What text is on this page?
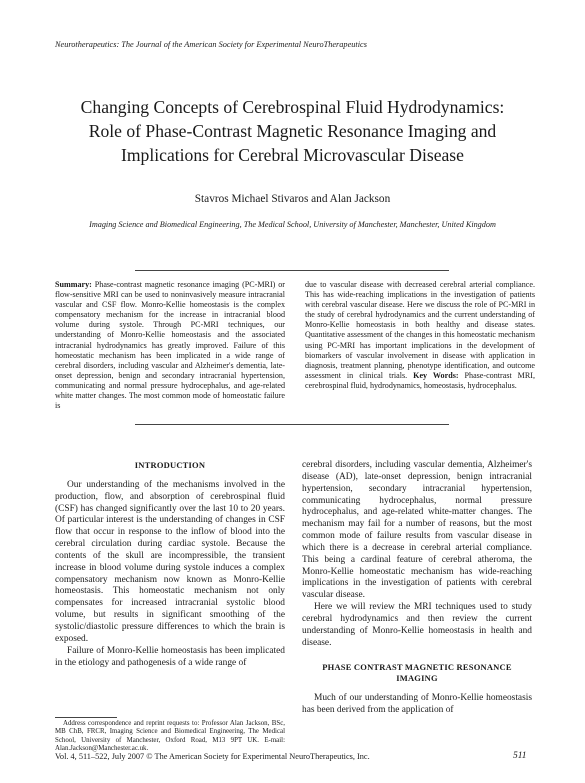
Neurotherapeutics: The Journal of the American Society for Experimental NeuroTherapeutics
Changing Concepts of Cerebrospinal Fluid Hydrodynamics:
Role of Phase-Contrast Magnetic Resonance Imaging and
Implications for Cerebral Microvascular Disease
Stavros Michael Stivaros and Alan Jackson
Imaging Science and Biomedical Engineering, The Medical School, University of Manchester, Manchester, United Kingdom
Summary: Phase-contrast magnetic resonance imaging (PC-MRI) or flow-sensitive MRI can be used to noninvasively measure intracranial vascular and CSF flow. Monro-Kellie homeostasis is the complex compensatory mechanism for the increase in intracranial blood volume during systole. Through PC-MRI techniques, our understanding of Monro-Kellie homeostasis and the associated intracranial hydrodynamics has greatly improved. Failure of this homeostatic mechanism has been implicated in a wide range of cerebral disorders, including vascular and Alzheimer's dementia, late-onset depression, benign and secondary intracranial hypertension, communicating and normal pressure hydrocephalus, and age-related white matter changes. The most common mode of homeostatic failure is
due to vascular disease with decreased cerebral arterial compliance. This has wide-reaching implications in the investigation of patients with cerebral vascular disease. Here we discuss the role of PC-MRI in the study of cerebral hydrodynamics and the current understanding of Monro-Kellie homeostasis in both healthy and disease states. Quantitative assessment of the changes in this homeostatic mechanism using PC-MRI has important implications in the development of biomarkers of vascular involvement in disease with application in diagnosis, treatment planning, phenotype identification, and outcome assessment in clinical trials. Key Words: Phase-contrast MRI, cerebrospinal fluid, hydrodynamics, homeostasis, hydrocephalus.
INTRODUCTION

Our understanding of the mechanisms involved in the production, flow, and absorption of cerebrospinal fluid (CSF) has changed significantly over the last 10 to 20 years. Of particular interest is the understanding of changes in CSF flow that occur in response to the inflow of blood into the cerebral circulation during cardiac systole. Because the contents of the skull are incompressible, the transient increase in blood volume during systole induces a complex compensatory mechanism now known as Monro-Kellie homeostasis. This homeostatic mechanism not only compensates for increased intracranial systolic blood volume, but results in significant smoothing of the systolic/diastolic pressure differences to which the brain is exposed.

Failure of Monro-Kellie homeostasis has been implicated in the etiology and pathogenesis of a wide range of

cerebral disorders, including vascular dementia, Alzheimer's disease (AD), late-onset depression, benign intracranial hypertension, secondary intracranial hypertension, communicating hydrocephalus, normal pressure hydrocephalus, and age-related white-matter changes. The mechanism may fail for a number of reasons, but the most common mode of failure results from vascular disease in which there is a decrease in cerebral arterial compliance. This being a cardinal feature of cerebral atheroma, the Monro-Kellie homeostatic mechanism has wide-reaching implications in the investigation of patients with cerebral vascular disease.

Here we will review the MRI techniques used to study cerebral hydrodynamics and then review the current understanding of Monro-Kellie homeostasis in health and disease.

PHASE CONTRAST MAGNETIC RESONANCE IMAGING

Much of our understanding of Monro-Kellie homeostasis has been derived from the application of

Address correspondence and reprint requests to: Professor Alan Jackson, BSc, MB ChB, FRCR, Imaging Science and Biomedical Engineering, The Medical School, University of Manchester, Oxford Road, M13 9PT UK. E-mail: Alan.Jackson@Manchester.ac.uk.

Vol. 4, 511–522, July 2007 © The American Society for Experimental NeuroTherapeutics, Inc.	511
